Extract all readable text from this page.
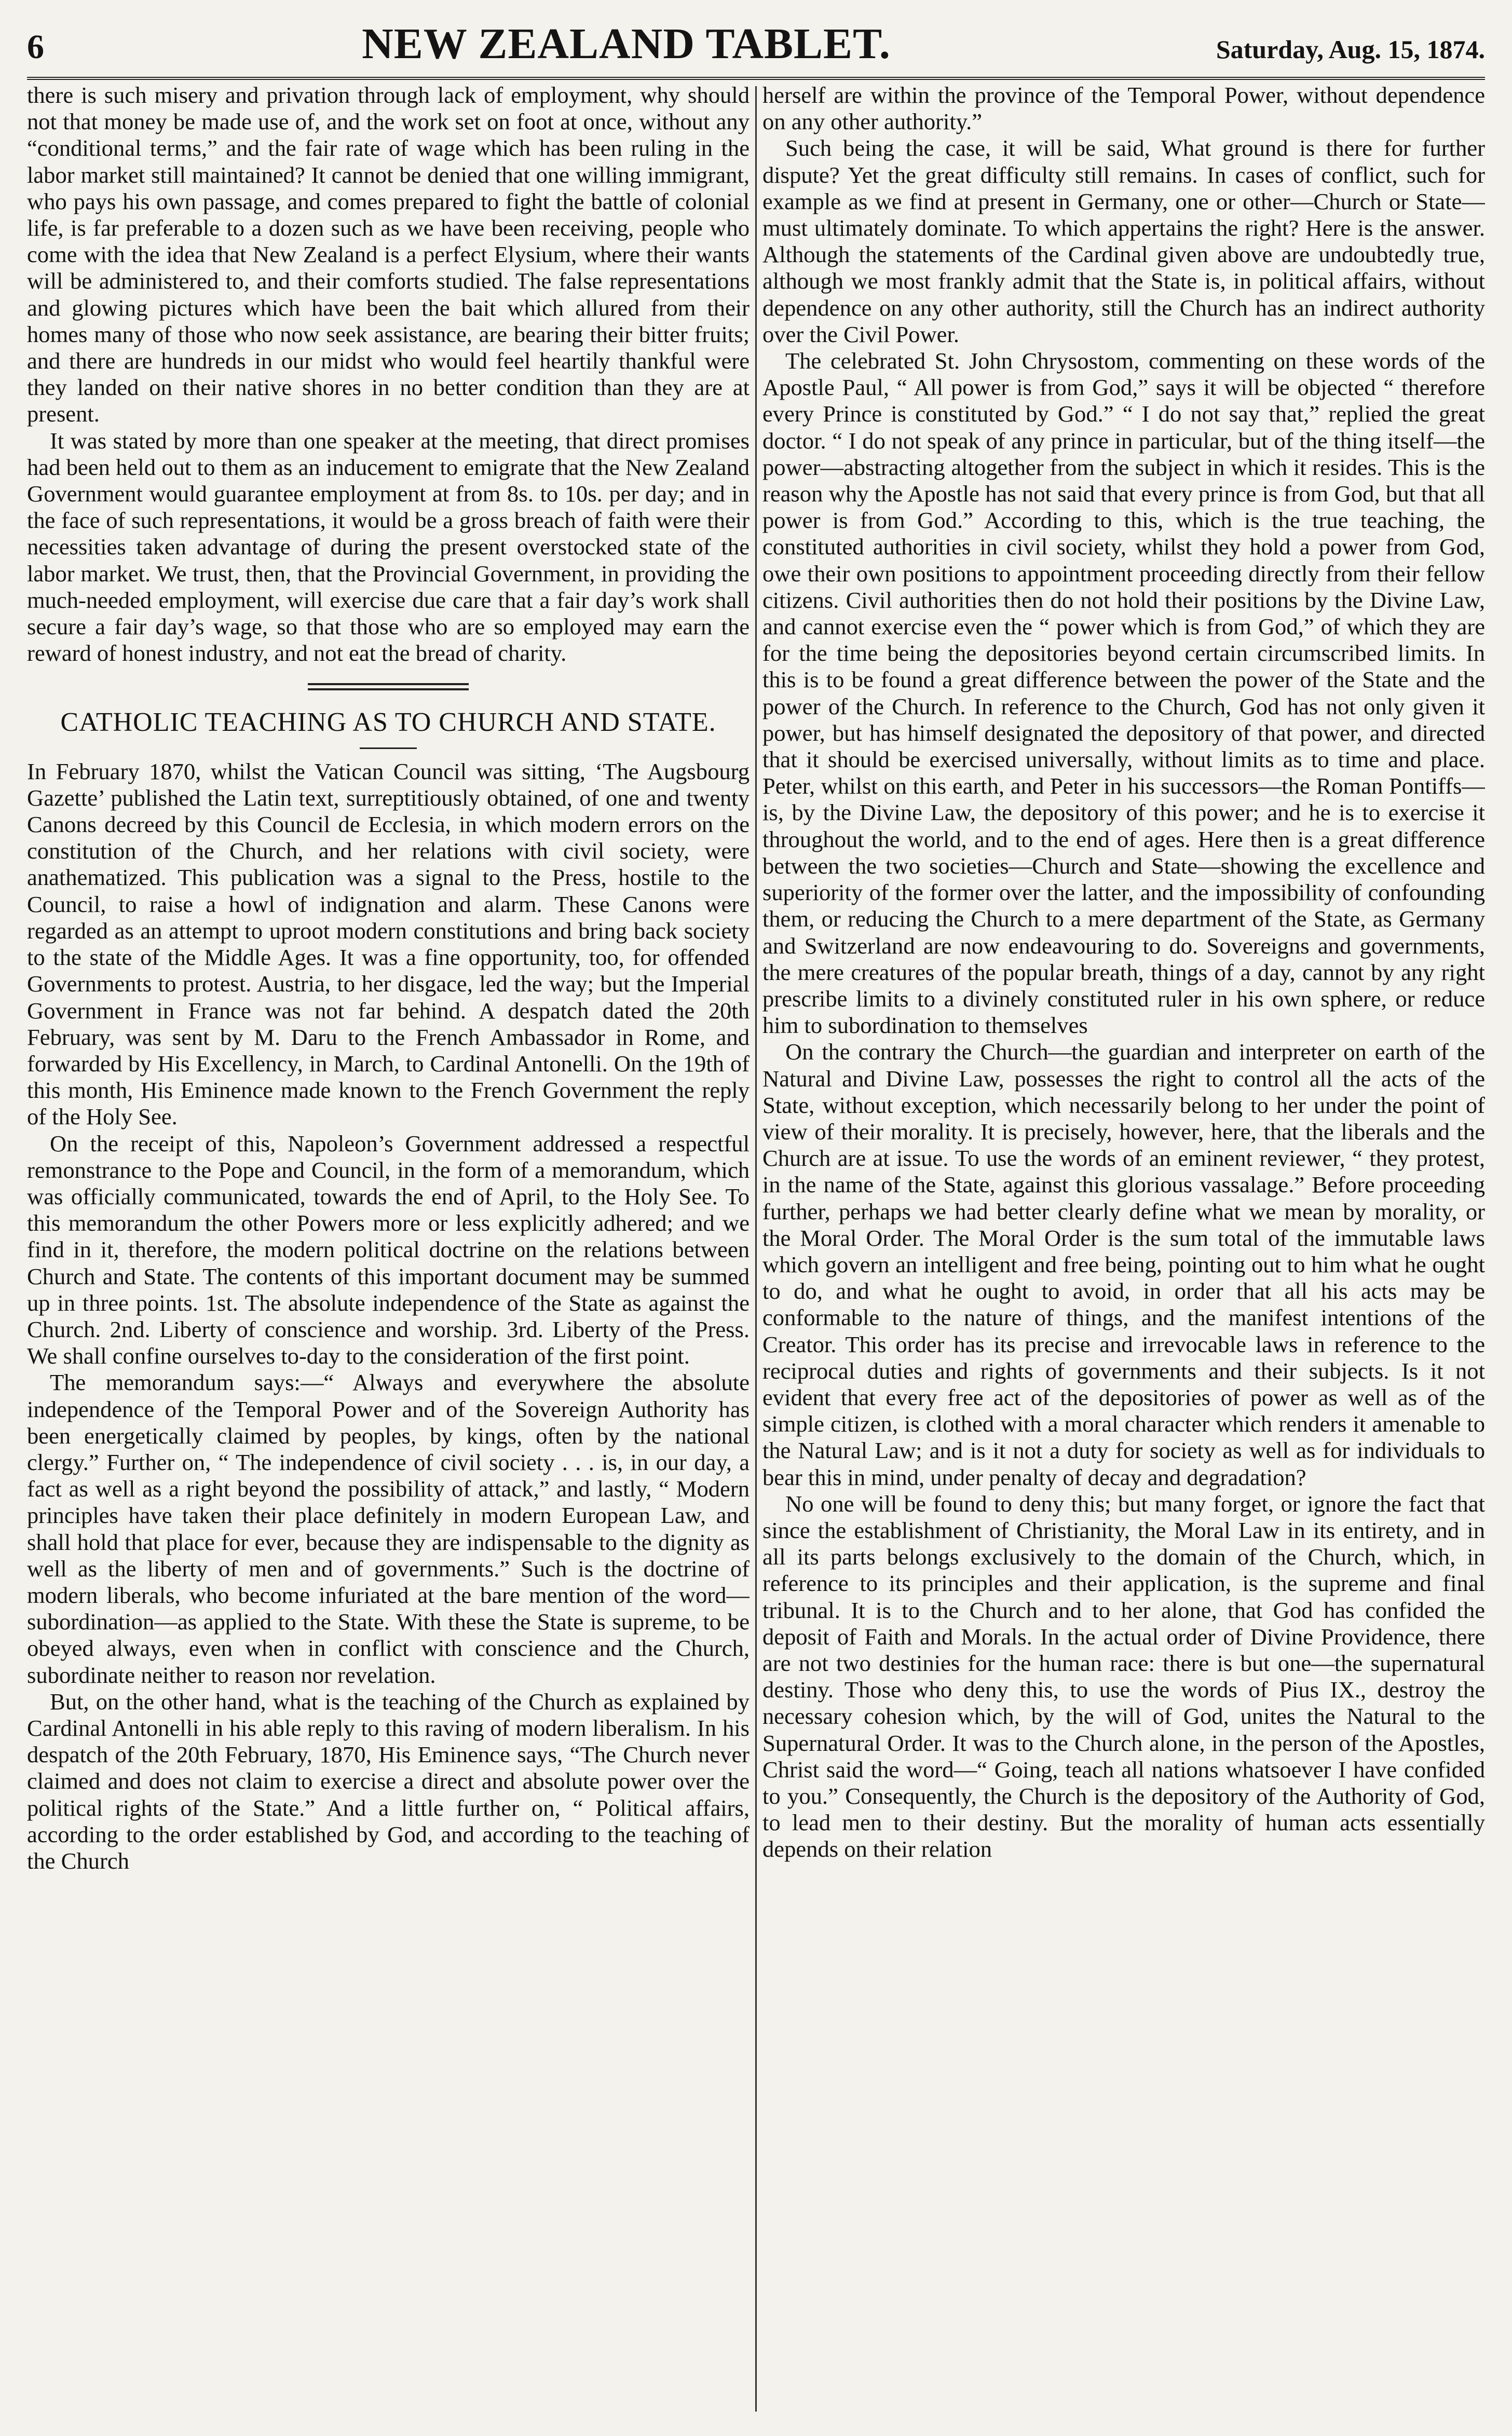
6	NEW ZEALAND TABLET.	Saturday, Aug. 15, 1874.

there is such misery and privation through lack of employment, why should not that money be made use of, and the work set on foot at once, without any “conditional terms,” and the fair rate of wage which has been ruling in the labor market still maintained? It cannot be denied that one willing immigrant, who pays his own passage, and comes prepared to fight the battle of colonial life, is far preferable to a dozen such as we have been receiving, people who come with the idea that New Zealand is a perfect Elysium, where their wants will be administered to, and their comforts studied. The false representations and glowing pictures which have been the bait which allured from their homes many of those who now seek assistance, are bearing their bitter fruits; and there are hundreds in our midst who would feel heartily thankful were they landed on their native shores in no better condition than they are at present.

It was stated by more than one speaker at the meeting, that direct promises had been held out to them as an inducement to emigrate that the New Zealand Government would guarantee employment at from 8s. to 10s. per day; and in the face of such representations, it would be a gross breach of faith were their necessities taken advantage of during the present overstocked state of the labor market. We trust, then, that the Provincial Government, in providing the much-needed employment, will exercise due care that a fair day’s work shall secure a fair day’s wage, so that those who are so employed may earn the reward of honest industry, and not eat the bread of charity.

CATHOLIC TEACHING AS TO CHURCH AND STATE.

In February 1870, whilst the Vatican Council was sitting, ‘The Augsbourg Gazette’ published the Latin text, surreptitiously obtained, of one and twenty Canons decreed by this Council de Ecclesia, in which modern errors on the constitution of the Church, and her relations with civil society, were anathematized. This publication was a signal to the Press, hostile to the Council, to raise a howl of indignation and alarm. These Canons were regarded as an attempt to uproot modern constitutions and bring back society to the state of the Middle Ages. It was a fine opportunity, too, for offended Governments to protest. Austria, to her disgace, led the way; but the Imperial Government in France was not far behind. A despatch dated the 20th February, was sent by M. Daru to the French Ambassador in Rome, and forwarded by His Excellency, in March, to Cardinal Antonelli. On the 19th of this month, His Eminence made known to the French Government the reply of the Holy See.

On the receipt of this, Napoleon’s Government addressed a respectful remonstrance to the Pope and Council, in the form of a memorandum, which was officially communicated, towards the end of April, to the Holy See. To this memorandum the other Powers more or less explicitly adhered; and we find in it, therefore, the modern political doctrine on the relations between Church and State. The contents of this important document may be summed up in three points. 1st. The absolute independence of the State as against the Church. 2nd. Liberty of conscience and worship. 3rd. Liberty of the Press. We shall confine ourselves to-day to the consideration of the first point.

The memorandum says:—“ Always and everywhere the absolute independence of the Temporal Power and of the Sovereign Authority has been energetically claimed by peoples, by kings, often by the national clergy.” Further on, “ The independence of civil society . . . is, in our day, a fact as well as a right beyond the possibility of attack,” and lastly, “ Modern principles have taken their place definitely in modern European Law, and shall hold that place for ever, because they are indispensable to the dignity as well as the liberty of men and of governments.” Such is the doctrine of modern liberals, who become infuriated at the bare mention of the word—subordination—as applied to the State. With these the State is supreme, to be obeyed always, even when in conflict with conscience and the Church, subordinate neither to reason nor revelation.

But, on the other hand, what is the teaching of the Church as explained by Cardinal Antonelli in his able reply to this raving of modern liberalism. In his despatch of the 20th February, 1870, His Eminence says, “The Church never claimed and does not claim to exercise a direct and absolute power over the political rights of the State.” And a little further on, “ Political affairs, according to the order established by God, and according to the teaching of the Church

herself are within the province of the Temporal Power, without dependence on any other authority.”

Such being the case, it will be said, What ground is there for further dispute? Yet the great difficulty still remains. In cases of conflict, such for example as we find at present in Germany, one or other—Church or State—must ultimately dominate. To which appertains the right? Here is the answer. Although the statements of the Cardinal given above are undoubtedly true, although we most frankly admit that the State is, in political affairs, without dependence on any other authority, still the Church has an indirect authority over the Civil Power.

The celebrated St. John Chrysostom, commenting on these words of the Apostle Paul, “ All power is from God,” says it will be objected “ therefore every Prince is constituted by God.” “ I do not say that,” replied the great doctor. “ I do not speak of any prince in particular, but of the thing itself—the power—abstracting altogether from the subject in which it resides. This is the reason why the Apostle has not said that every prince is from God, but that all power is from God.” According to this, which is the true teaching, the constituted authorities in civil society, whilst they hold a power from God, owe their own positions to appointment proceeding directly from their fellow citizens. Civil authorities then do not hold their positions by the Divine Law, and cannot exercise even the “ power which is from God,” of which they are for the time being the depositories beyond certain circumscribed limits. In this is to be found a great difference between the power of the State and the power of the Church. In reference to the Church, God has not only given it power, but has himself designated the depository of that power, and directed that it should be exercised universally, without limits as to time and place. Peter, whilst on this earth, and Peter in his successors—the Roman Pontiffs—is, by the Divine Law, the depository of this power; and he is to exercise it throughout the world, and to the end of ages. Here then is a great difference between the two societies—Church and State—showing the excellence and superiority of the former over the latter, and the impossibility of confounding them, or reducing the Church to a mere department of the State, as Germany and Switzerland are now endeavouring to do. Sovereigns and governments, the mere creatures of the popular breath, things of a day, cannot by any right prescribe limits to a divinely constituted ruler in his own sphere, or reduce him to subordination to themselves

On the contrary the Church—the guardian and interpreter on earth of the Natural and Divine Law, possesses the right to control all the acts of the State, without exception, which necessarily belong to her under the point of view of their morality. It is precisely, however, here, that the liberals and the Church are at issue. To use the words of an eminent reviewer, “ they protest, in the name of the State, against this glorious vassalage.” Before proceeding further, perhaps we had better clearly define what we mean by morality, or the Moral Order. The Moral Order is the sum total of the immutable laws which govern an intelligent and free being, pointing out to him what he ought to do, and what he ought to avoid, in order that all his acts may be conformable to the nature of things, and the manifest intentions of the Creator. This order has its precise and irrevocable laws in reference to the reciprocal duties and rights of governments and their subjects. Is it not evident that every free act of the depositories of power as well as of the simple citizen, is clothed with a moral character which renders it amenable to the Natural Law; and is it not a duty for society as well as for individuals to bear this in mind, under penalty of decay and degradation?

No one will be found to deny this; but many forget, or ignore the fact that since the establishment of Christianity, the Moral Law in its entirety, and in all its parts belongs exclusively to the domain of the Church, which, in reference to its principles and their application, is the supreme and final tribunal. It is to the Church and to her alone, that God has confided the deposit of Faith and Morals. In the actual order of Divine Providence, there are not two destinies for the human race: there is but one—the supernatural destiny. Those who deny this, to use the words of Pius IX., destroy the necessary cohesion which, by the will of God, unites the Natural to the Supernatural Order. It was to the Church alone, in the person of the Apostles, Christ said the word—“ Going, teach all nations whatsoever I have confided to you.” Consequently, the Church is the depository of the Authority of God, to lead men to their destiny. But the morality of human acts essentially depends on their relation
